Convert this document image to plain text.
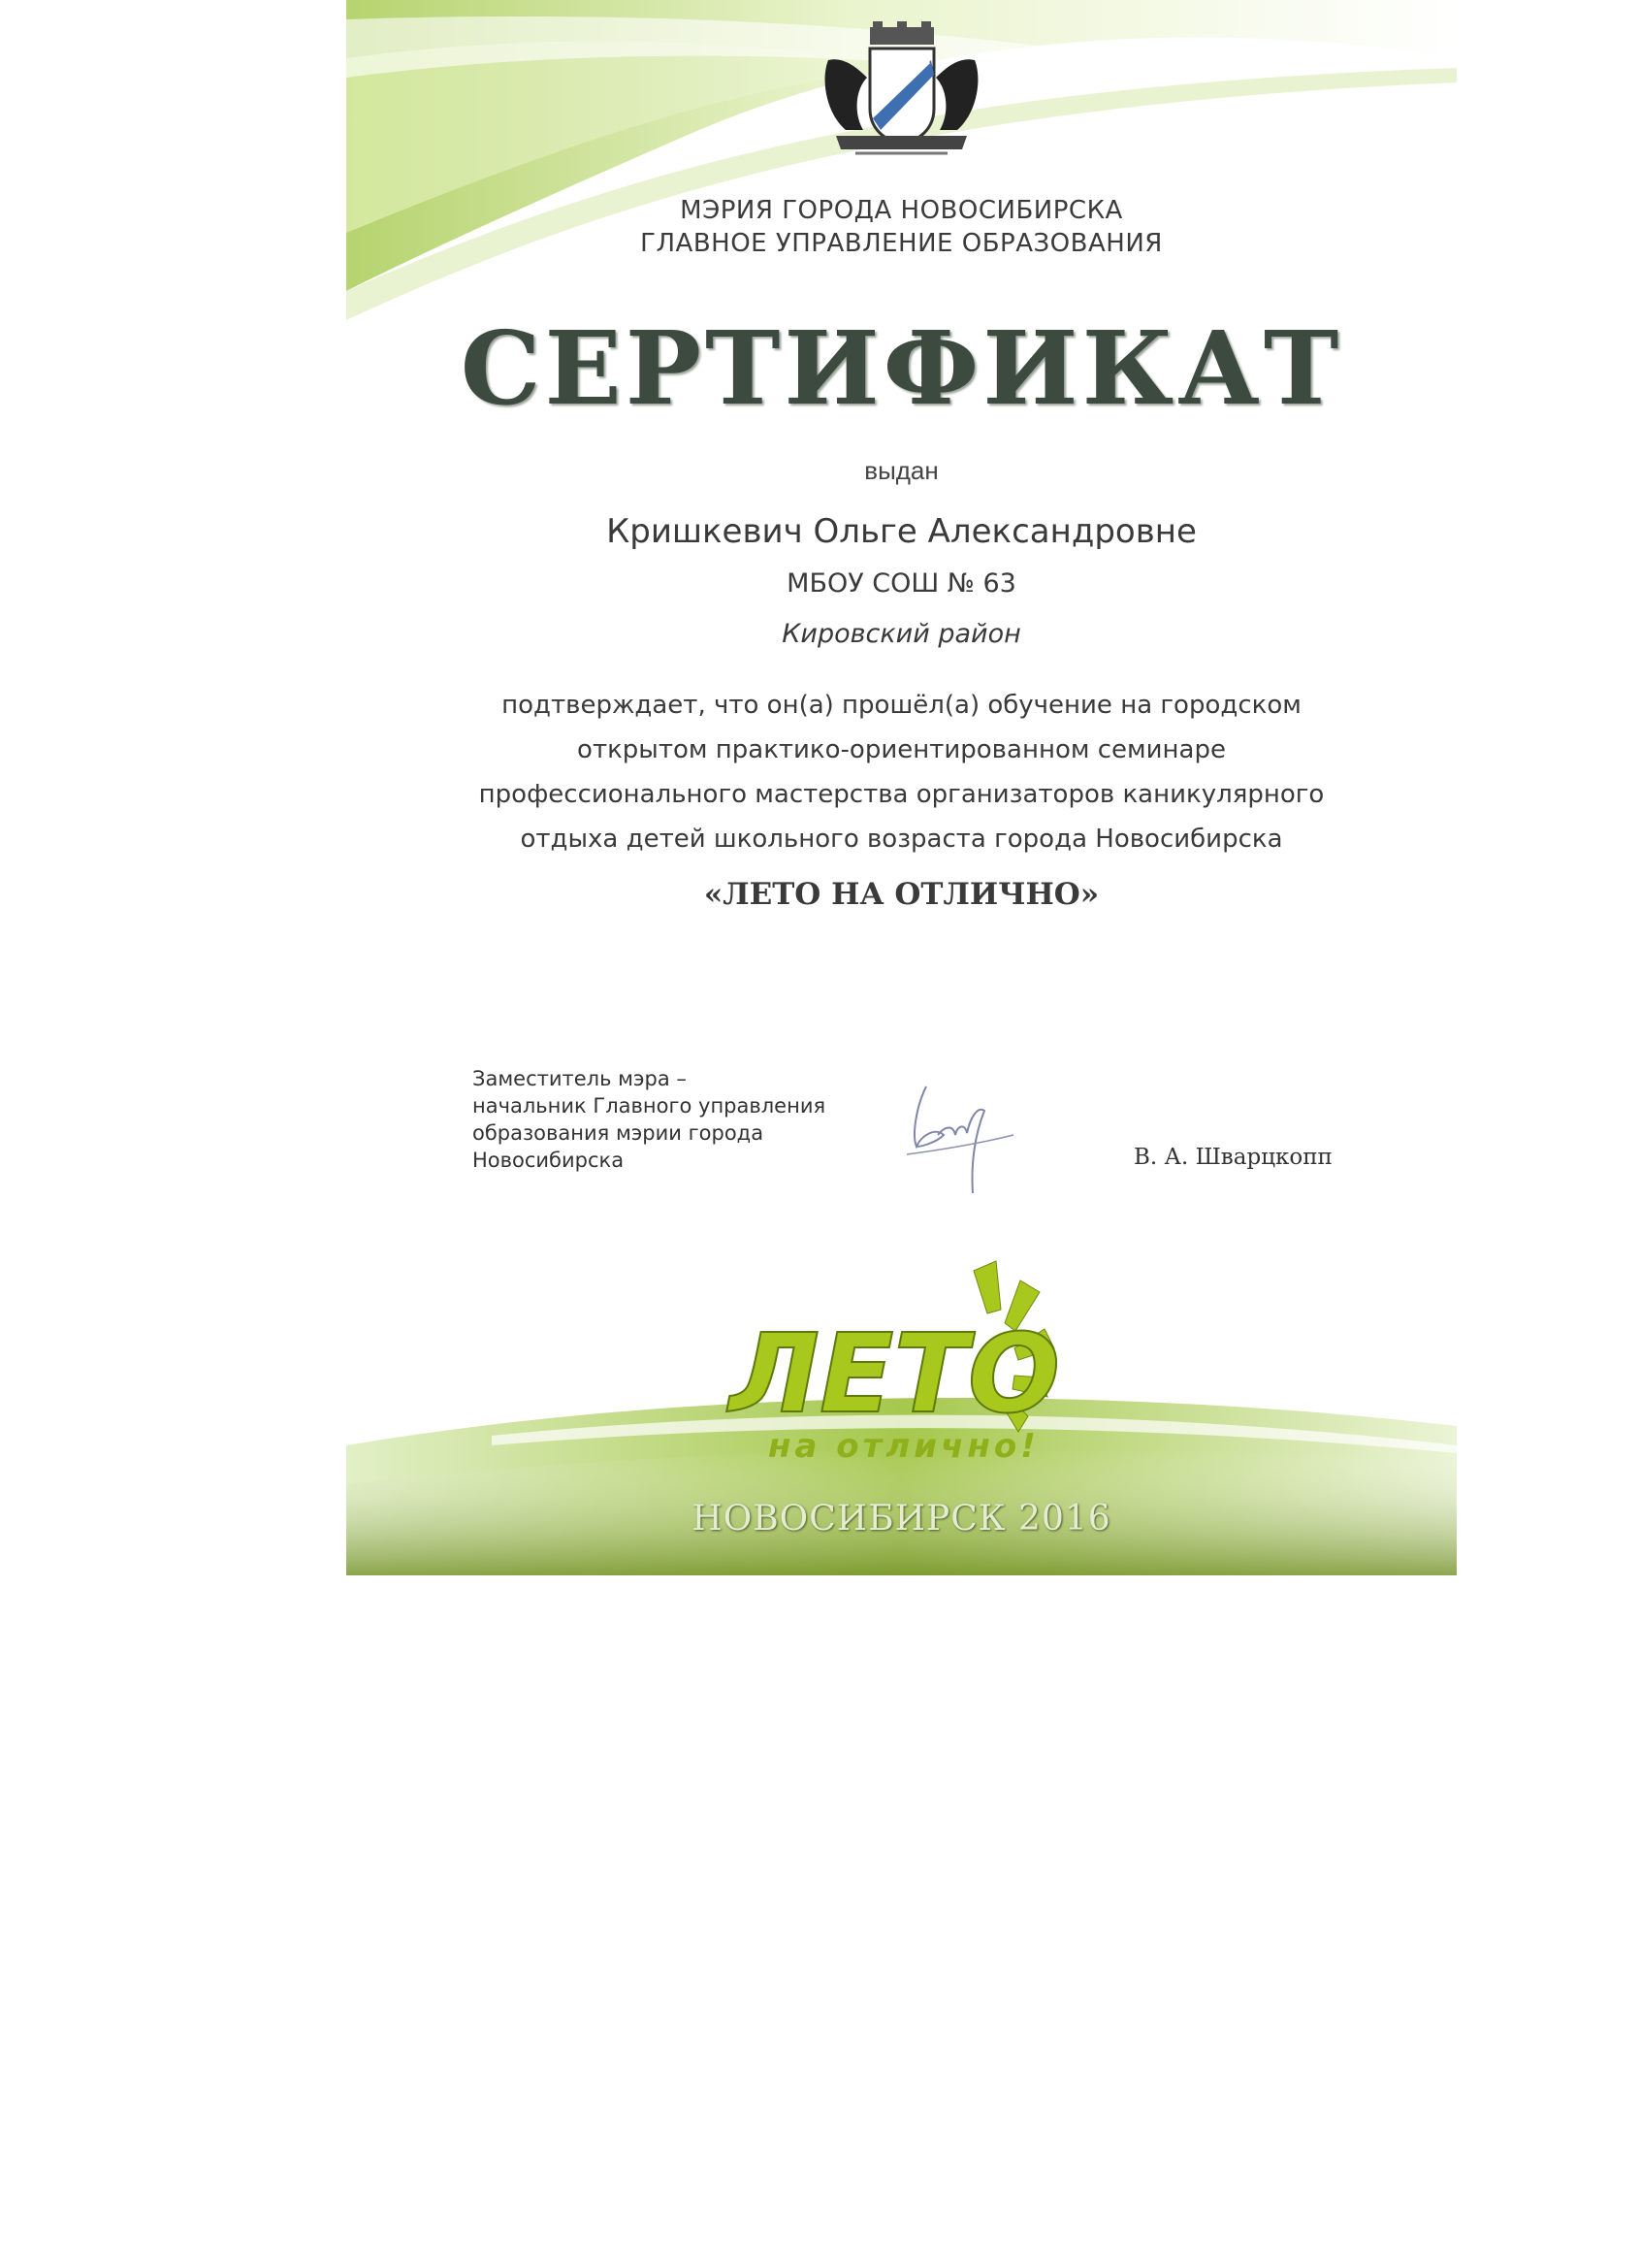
МЭРИЯ ГОРОДА НОВОСИБИРСКА
ГЛАВНОЕ УПРАВЛЕНИЕ ОБРАЗОВАНИЯ
СЕРТИФИКАТ
выдан
Кришкевич Ольге Александровне
МБОУ СОШ № 63
Кировский район
подтверждает, что он(а) прошёл(а) обучение на городском
открытом практико-ориентированном семинаре
профессионального мастерства организаторов каникулярного
отдыха детей школьного возраста города Новосибирска
«ЛЕТО НА ОТЛИЧНО»
Заместитель мэра –
начальник Главного управления
образования мэрии города
Новосибирска	В. А. Шварцкопп
ЛЕТО
на отлично!
НОВОСИБИРСК 2016
